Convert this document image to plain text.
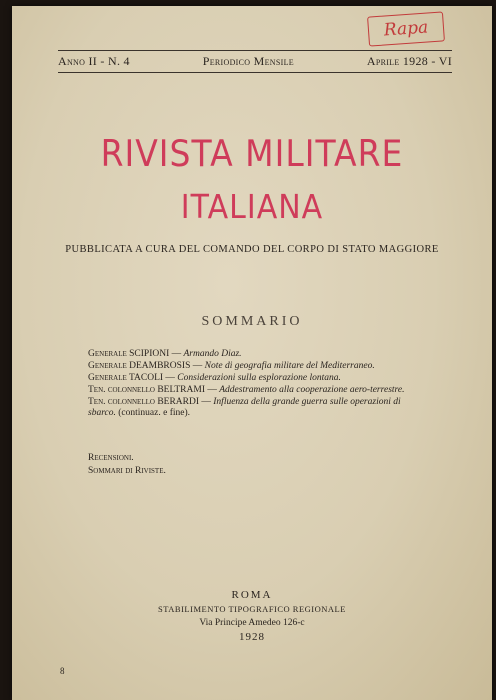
Rapa
Anno II - N. 4	Periodico Mensile	Aprile 1928 - VI
RIVISTA MILITARE
ITALIANA
PUBBLICATA A CURA DEL COMANDO DEL CORPO DI STATO MAGGIORE
SOMMARIO
Generale SCIPIONI — Armando Diaz.
Generale DEAMBROSIS — Note di geografia militare del Mediterraneo.
Generale TACOLI — Considerazioni sulla esplorazione lontana.
Ten. colonnello BELTRAMI — Addestramento alla cooperazione aero-terrestre.
Ten. colonnello BERARDI — Influenza della grande guerra sulle operazioni di sbarco. (continuaz. e fine).
Recensioni.
Sommari di Riviste.
ROMA
STABILIMENTO TIPOGRAFICO REGIONALE
Via Principe Amedeo 126-c
1928
8
